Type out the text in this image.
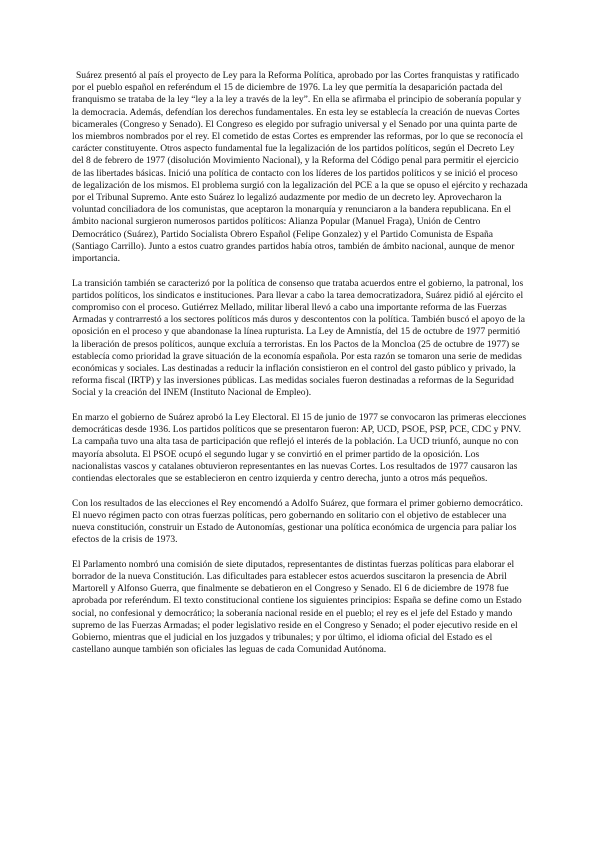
Suárez presentó al país el proyecto de Ley para la Reforma Política, aprobado por las Cortes franquistas y ratificado por el pueblo español en referéndum el 15 de diciembre de 1976. La ley que permitía la desaparición pactada del franquismo se trataba de la ley “ley a la ley a través de la ley”. En ella se afirmaba el principio de soberanía popular y la democracia. Además, defendían los derechos fundamentales. En esta ley se establecía la creación de nuevas Cortes bicamerales (Congreso y Senado). El Congreso es elegido por sufragio universal y el Senado por una quinta parte de los miembros nombrados por el rey. El cometido de estas Cortes es emprender las reformas, por lo que se reconocía el carácter constituyente. Otros aspecto fundamental fue la legalización de los partidos políticos, según el Decreto Ley del 8 de febrero de 1977 (disolución Movimiento Nacional), y la Reforma del Código penal para permitir el ejercicio de las libertades básicas. Inició una política de contacto con los líderes de los partidos políticos y se inició el proceso de legalización de los mismos. El problema surgió con la legalización del PCE a la que se opuso el ejército y rechazada por el Tribunal Supremo. Ante esto Suárez lo legalizó audazmente por medio de un decreto ley. Aprovecharon la voluntad conciliadora de los comunistas, que aceptaron la monarquía y renunciaron a la bandera republicana. En el ámbito nacional surgieron numerosos partidos políticos: Alianza Popular (Manuel Fraga), Unión de Centro Democrático (Suárez), Partido Socialista Obrero Español (Felipe Gonzalez) y el Partido Comunista de España (Santiago Carrillo). Junto a estos cuatro grandes partidos había otros, también de ámbito nacional, aunque de menor importancia.

La transición también se caracterizó por la política de consenso que trataba acuerdos entre el gobierno, la patronal, los partidos políticos, los sindicatos e instituciones. Para llevar a cabo la tarea democratizadora, Suárez pidió al ejército el compromiso con el proceso. Gutiérrez Mellado, militar liberal llevó a cabo una importante reforma de las Fuerzas Armadas y contrarrestó a los sectores políticos más duros y descontentos con la política. También buscó el apoyo de la oposición en el proceso y que abandonase la línea rupturista. La Ley de Amnistía, del 15 de octubre de 1977 permitió la liberación de presos políticos, aunque excluía a terroristas. En los Pactos de la Moncloa (25 de octubre de 1977) se establecía como prioridad la grave situación de la economía española. Por esta razón se tomaron una serie de medidas económicas y sociales. Las destinadas a reducir la inflación consistieron en el control del gasto público y privado, la reforma fiscal (IRTP) y las inversiones públicas. Las medidas sociales fueron destinadas a reformas de la Seguridad Social y la creación del INEM (Instituto Nacional de Empleo).

En marzo el gobierno de Suárez aprobó la Ley Electoral. El 15 de junio de 1977 se convocaron las primeras elecciones democráticas desde 1936. Los partidos políticos que se presentaron fueron: AP, UCD, PSOE, PSP, PCE, CDC y PNV. La campaña tuvo una alta tasa de participación que reflejó el interés de la población. La UCD triunfó, aunque no con mayoría absoluta. El PSOE ocupó el segundo lugar y se convirtió en el primer partido de la oposición. Los nacionalistas vascos y catalanes obtuvieron representantes en las nuevas Cortes. Los resultados de 1977 causaron las contiendas electorales que se establecieron en centro izquierda y centro derecha, junto a otros más pequeños.

Con los resultados de las elecciones el Rey encomendó a Adolfo Suárez, que formara el primer gobierno democrático. El nuevo régimen pacto con otras fuerzas políticas, pero gobernando en solitario con el objetivo de establecer una nueva constitución, construir un Estado de Autonomías, gestionar una política económica de urgencia para paliar los efectos de la crisis de 1973.

El Parlamento nombró una comisión de siete diputados, representantes de distintas fuerzas políticas para elaborar el borrador de la nueva Constitución. Las dificultades para establecer estos acuerdos suscitaron la presencia de Abril Martorell y Alfonso Guerra, que finalmente se debatieron en el Congreso y Senado. El 6 de diciembre de 1978 fue aprobada por referéndum. El texto constitucional contiene los siguientes principios: España se define como un Estado social, no confesional y democrático; la soberanía nacional reside en el pueblo; el rey es el jefe del Estado y mando supremo de las Fuerzas Armadas; el poder legislativo reside en el Congreso y Senado; el poder ejecutivo reside en el Gobierno, mientras que el judicial en los juzgados y tribunales; y por último, el idioma oficial del Estado es el castellano aunque también son oficiales las leguas de cada Comunidad Autónoma.
